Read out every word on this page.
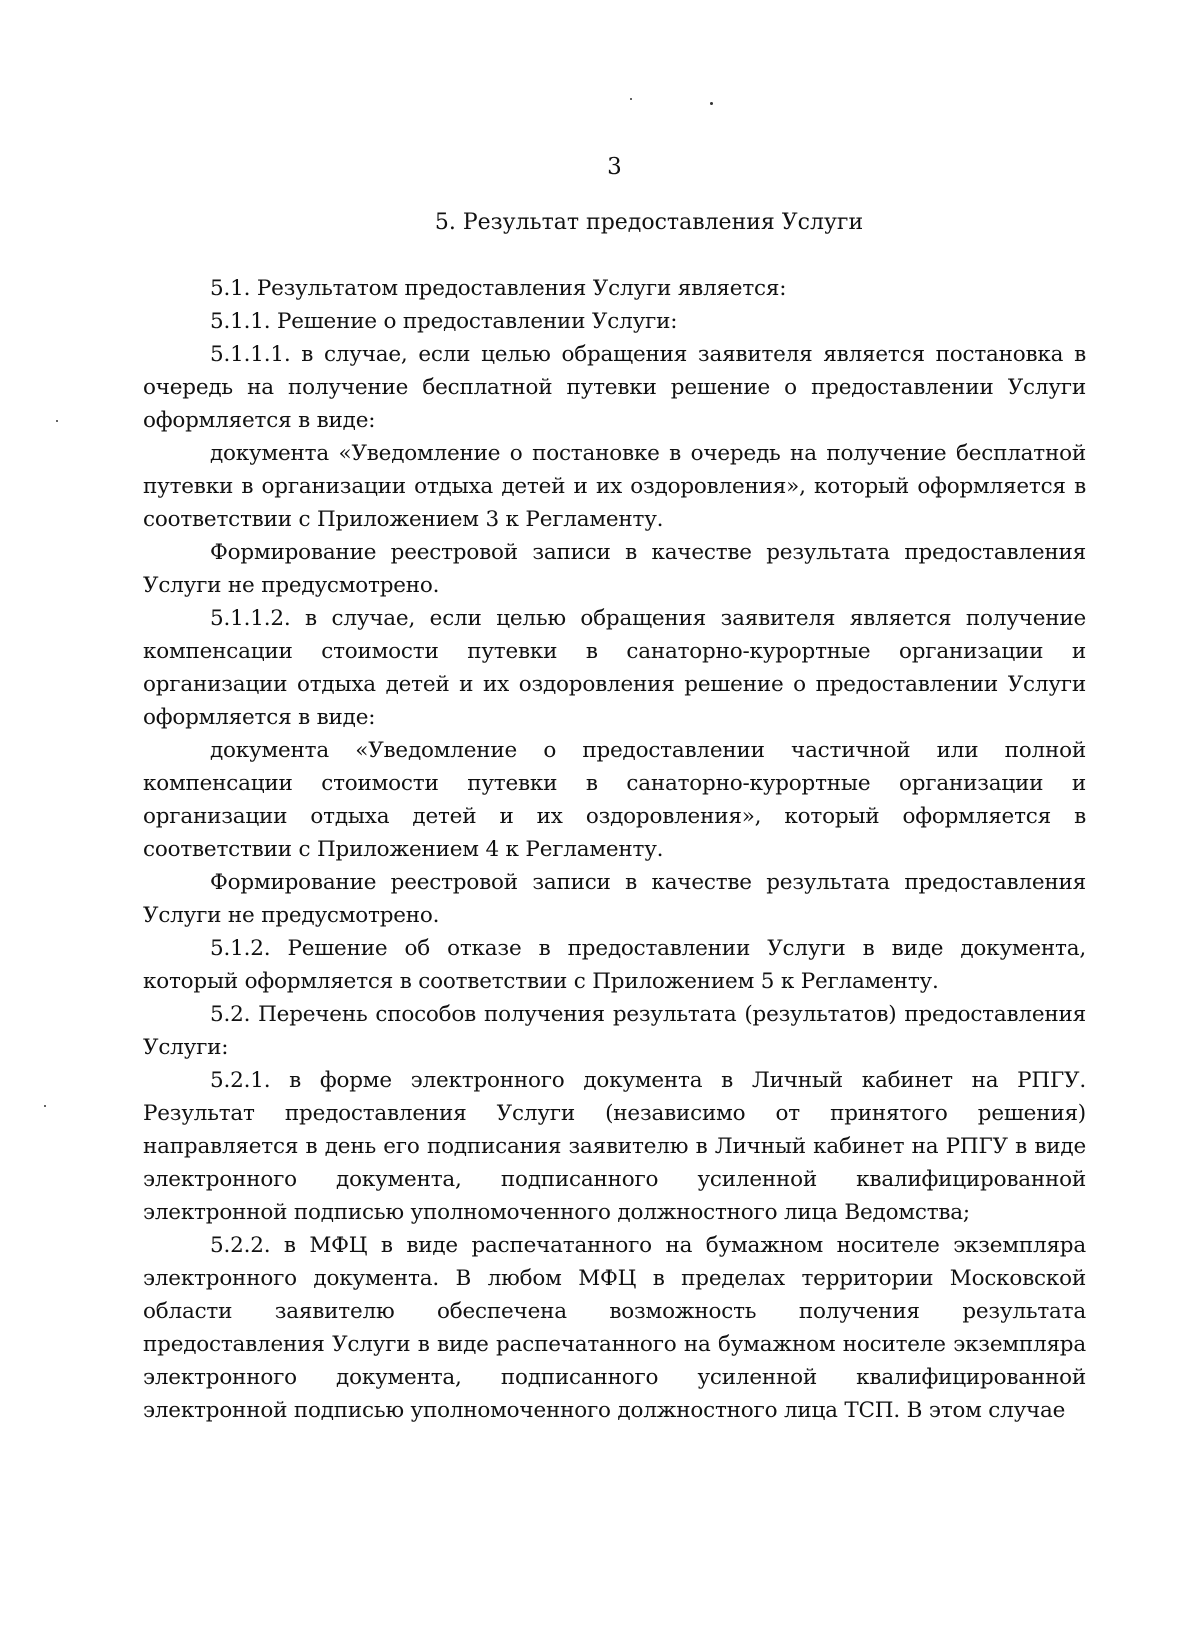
3
5. Результат предоставления Услуги

5.1. Результатом предоставления Услуги является:

5.1.1. Решение о предоставлении Услуги:

5.1.1.1. в случае, если целью обращения заявителя является постановка в очередь на получение бесплатной путевки решение о предоставлении Услуги оформляется в виде:

документа «Уведомление о постановке в очередь на получение бесплатной путевки в организации отдыха детей и их оздоровления», который оформляется в соответствии с Приложением 3 к Регламенту.

Формирование реестровой записи в качестве результата предоставления Услуги не предусмотрено.

5.1.1.2. в случае, если целью обращения заявителя является получение компенсации стоимости путевки в санаторно-курортные организации и организации отдыха детей и их оздоровления решение о предоставлении Услуги оформляется в виде:

документа «Уведомление о предоставлении частичной или полной компенсации стоимости путевки в санаторно-курортные организации и организации отдыха детей и их оздоровления», который оформляется в соответствии с Приложением 4 к Регламенту.

Формирование реестровой записи в качестве результата предоставления Услуги не предусмотрено.

5.1.2. Решение об отказе в предоставлении Услуги в виде документа, который оформляется в соответствии с Приложением 5 к Регламенту.

5.2. Перечень способов получения результата (результатов) предоставления Услуги:

5.2.1. в форме электронного документа в Личный кабинет на РПГУ. Результат предоставления Услуги (независимо от принятого решения) направляется в день его подписания заявителю в Личный кабинет на РПГУ в виде электронного документа, подписанного усиленной квалифицированной электронной подписью уполномоченного должностного лица Ведомства;

5.2.2. в МФЦ в виде распечатанного на бумажном носителе экземпляра электронного документа. В любом МФЦ в пределах территории Московской области заявителю обеспечена возможность получения результата предоставления Услуги в виде распечатанного на бумажном носителе экземпляра электронного документа, подписанного усиленной квалифицированной электронной подписью уполномоченного должностного лица ТСП. В этом случае
